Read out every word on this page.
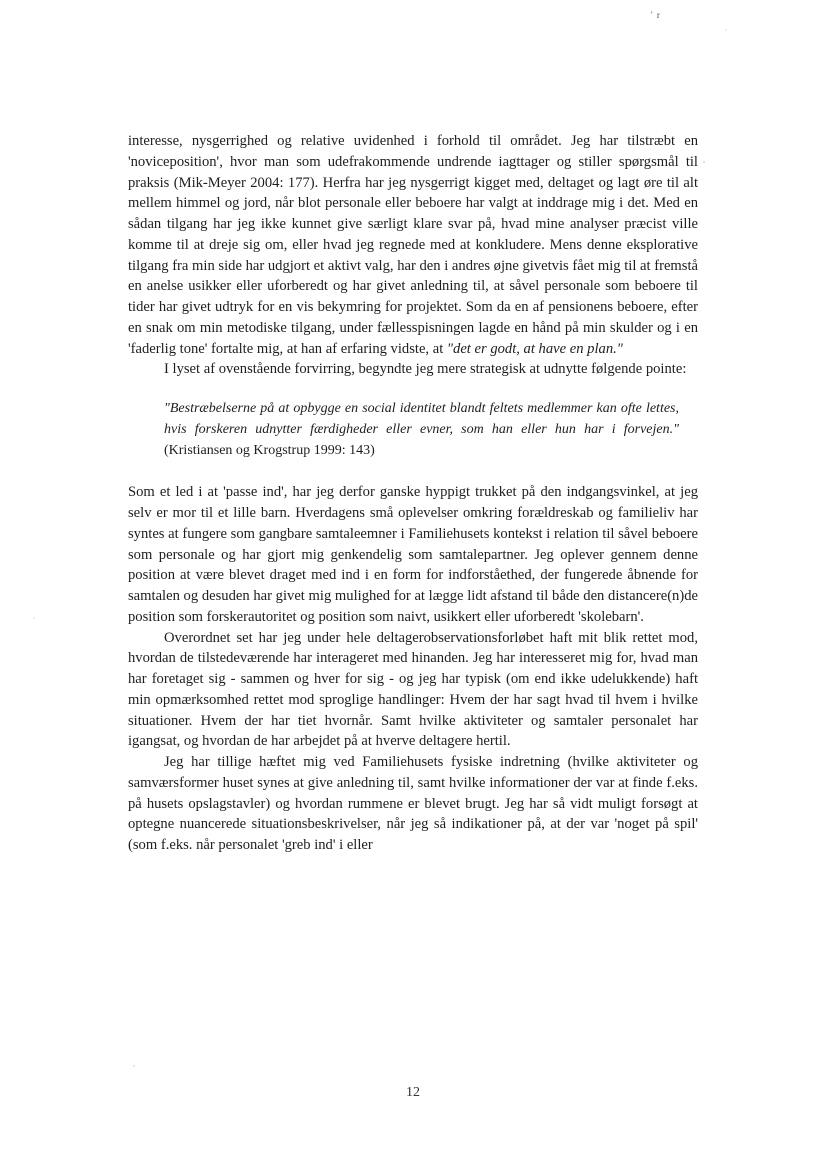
' r

interesse, nysgerrighed og relative uvidenhed i forhold til området. Jeg har tilstræbt en 'noviceposition', hvor man som udefrakommende undrende iagttager og stiller spørgsmål til praksis (Mik-Meyer 2004: 177). Herfra har jeg nysgerrigt kigget med, deltaget og lagt øre til alt mellem himmel og jord, når blot personale eller beboere har valgt at inddrage mig i det. Med en sådan tilgang har jeg ikke kunnet give særligt klare svar på, hvad mine analyser præcist ville komme til at dreje sig om, eller hvad jeg regnede med at konkludere. Mens denne eksplorative tilgang fra min side har udgjort et aktivt valg, har den i andres øjne givetvis fået mig til at fremstå en anelse usikker eller uforberedt og har givet anledning til, at såvel personale som beboere til tider har givet udtryk for en vis bekymring for projektet. Som da en af pensionens beboere, efter en snak om min metodiske tilgang, under fællesspisningen lagde en hånd på min skulder og i en 'faderlig tone' fortalte mig, at han af erfaring vidste, at "det er godt, at have en plan."

I lyset af ovenstående forvirring, begyndte jeg mere strategisk at udnytte følgende pointe:

"Bestræbelserne på at opbygge en social identitet blandt feltets medlemmer kan ofte lettes, hvis forskeren udnytter færdigheder eller evner, som han eller hun har i forvejen." (Kristiansen og Krogstrup 1999: 143)

Som et led i at 'passe ind', har jeg derfor ganske hyppigt trukket på den indgangsvinkel, at jeg selv er mor til et lille barn. Hverdagens små oplevelser omkring forældreskab og familieliv har syntes at fungere som gangbare samtaleemner i Familiehusets kontekst i relation til såvel beboere som personale og har gjort mig genkendelig som samtalepartner. Jeg oplever gennem denne position at være blevet draget med ind i en form for indforståethed, der fungerede åbnende for samtalen og desuden har givet mig mulighed for at lægge lidt afstand til både den distancere(n)de position som forskerautoritet og position som naivt, usikkert eller uforberedt 'skolebarn'.

Overordnet set har jeg under hele deltagerobservationsforløbet haft mit blik rettet mod, hvordan de tilstedeværende har interageret med hinanden. Jeg har interesseret mig for, hvad man har foretaget sig - sammen og hver for sig - og jeg har typisk (om end ikke udelukkende) haft min opmærksomhed rettet mod sproglige handlinger: Hvem der har sagt hvad til hvem i hvilke situationer. Hvem der har tiet hvornår. Samt hvilke aktiviteter og samtaler personalet har igangsat, og hvordan de har arbejdet på at hverve deltagere hertil.

Jeg har tillige hæftet mig ved Familiehusets fysiske indretning (hvilke aktiviteter og samværsformer huset synes at give anledning til, samt hvilke informationer der var at finde f.eks. på husets opslagstavler) og hvordan rummene er blevet brugt. Jeg har så vidt muligt forsøgt at optegne nuancerede situationsbeskrivelser, når jeg så indikationer på, at der var 'noget på spil' (som f.eks. når personalet 'greb ind' i eller

12
